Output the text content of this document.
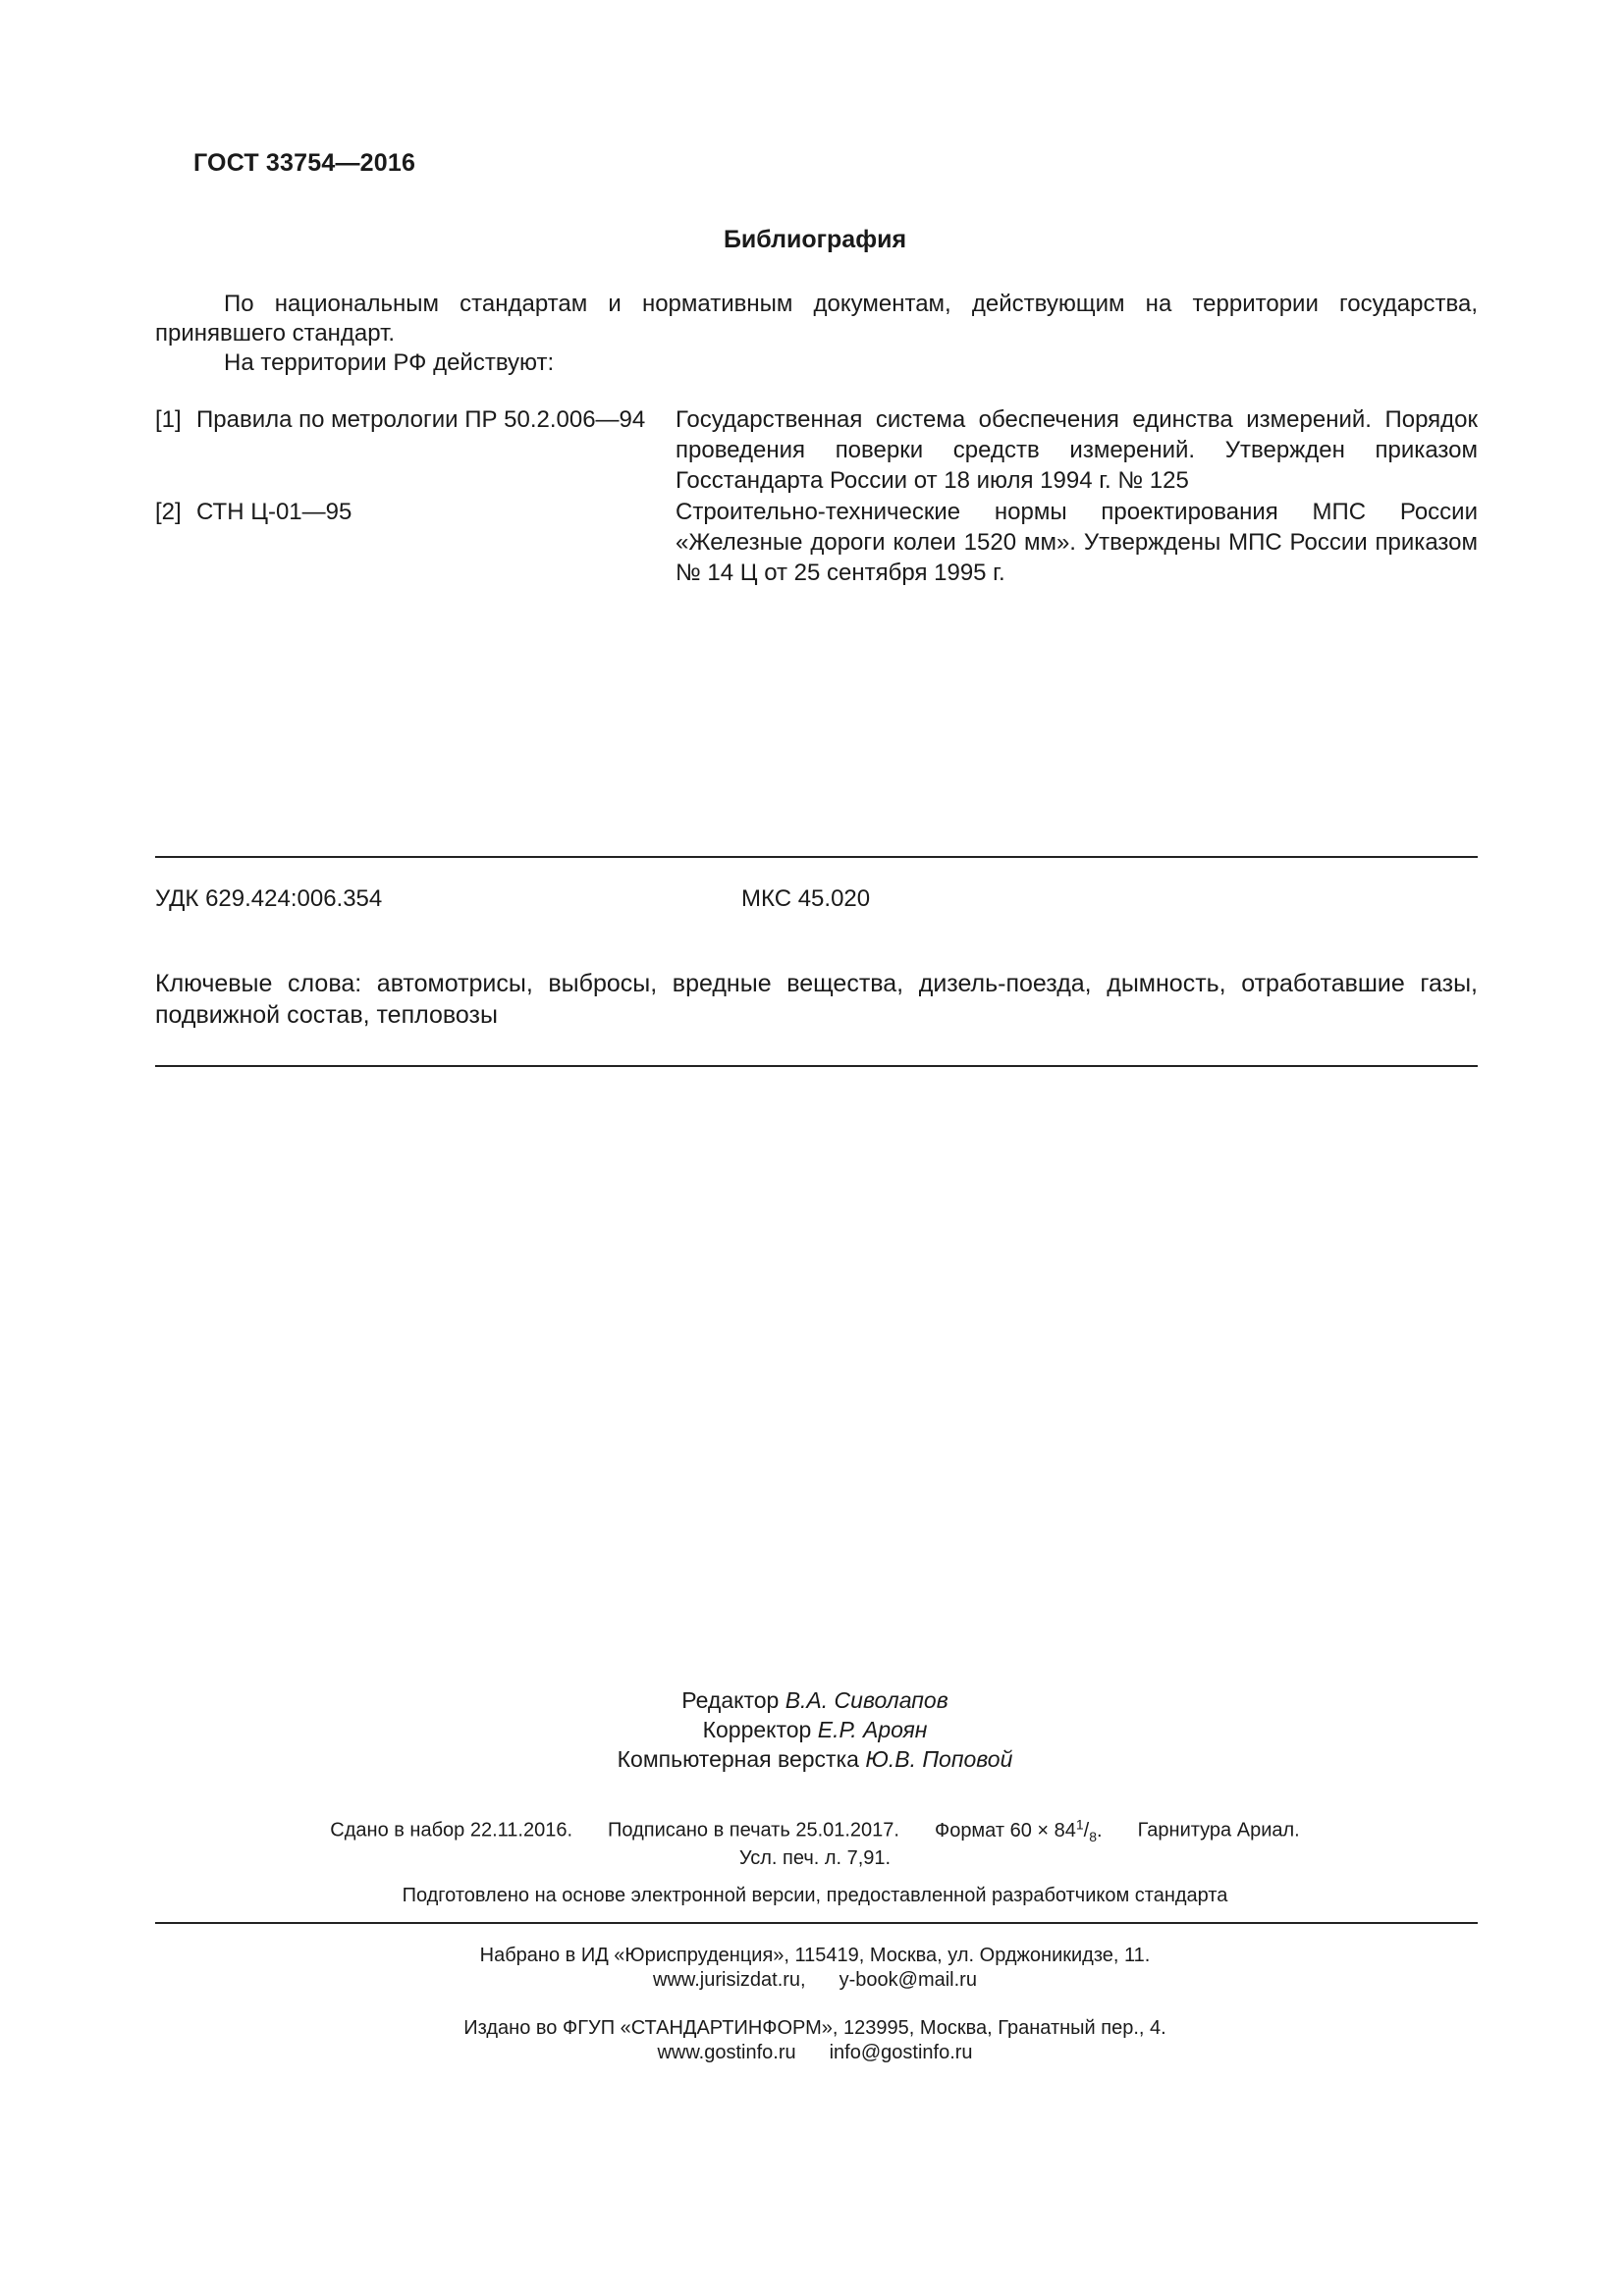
ГОСТ 33754—2016
Библиография
По национальным стандартам и нормативным документам, действующим на территории государства, принявшего стандарт.
На территории РФ действуют:
[1] Правила по метрологии ПР 50.2.006—94 Государственная система обеспечения единства измерений. Порядок проведения поверки средств измерений. Утвержден приказом Госстандарта России от 18 июля 1994 г. № 125
[2] СТН Ц-01—95	Строительно-технические нормы проектирования МПС России «Железные дороги колеи 1520 мм». Утверждены МПС России приказом № 14 Ц от 25 сентября 1995 г.
УДК 629.424:006.354	МКС 45.020
Ключевые слова: автомотрисы, выбросы, вредные вещества, дизель-поезда, дымность, отработавшие газы, подвижной состав, тепловозы
Редактор В.А. Сиволапов
Корректор Е.Р. Ароян
Компьютерная верстка Ю.В. Поповой
Сдано в набор 22.11.2016. Подписано в печать 25.01.2017. Формат $60 \times 84^1/_8$. Гарнитура Ариал.
Усл. печ. л. 7,91.
Подготовлено на основе электронной версии, предоставленной разработчиком стандарта
Набрано в ИД «Юриспруденция», 115419, Москва, ул. Орджоникидзе, 11.
www.jurisizdat.ru, y-book@mail.ru
Издано во ФГУП «СТАНДАРТИНФОРМ», 123995, Москва, Гранатный пер., 4.
www.gostinfo.ru info@gostinfo.ru
